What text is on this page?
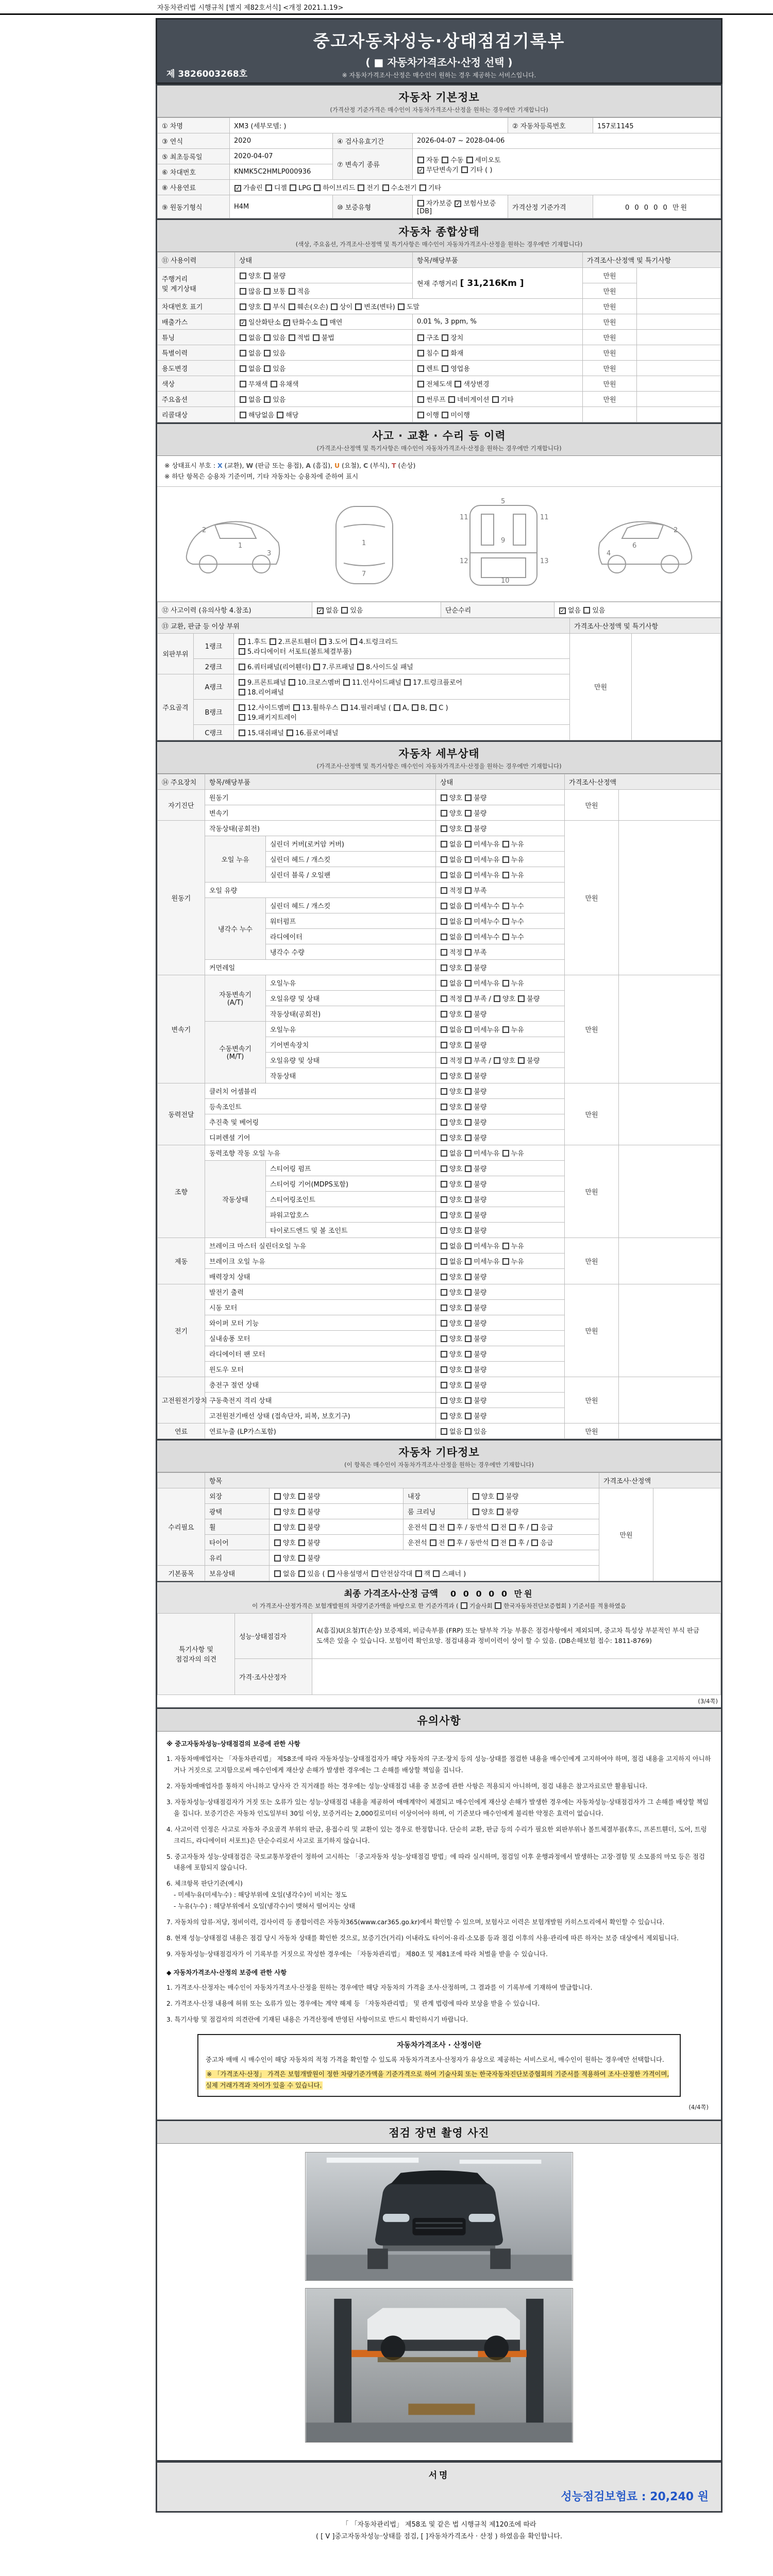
자동차관리법 시행규칙 [별지 제82호서식] <개정 2021.1.19>
중고자동차성능·상태점검기록부
( ■ 자동차가격조사·산정 선택 )
※ 자동차가격조사·산정은 매수인이 원하는 경우 제공하는 서비스입니다.
제 3826003268호
자동차 기본정보
(가격산정 기준가격은 매수인이 자동차가격조사·산정을 원하는 경우에만 기재합니다)
① 차명	XM3 (세부모델: )			② 자동차등록번호	157로1145
③ 연식	2020	④ 검사유효기간	2026-04-07 ~ 2028-04-06		
⑤ 최초등록일	2020-04-07	⑦ 변속기 종류	자동 수동 세미오토
✓무단변속기 기타 ( )
⑥ 차대번호	KNMK5C2HMLP000936				
⑧ 사용연료	✓가솔린 디젤 LPG 하이브리드 전기 수소전기 기타
⑨ 원동기형식	H4M	⑩ 보증유형	자가보증 ✓보험사보증 [DB]	가격산정 기준가격	0 0 0 0 0 만원
자동차 종합상태
(색상, 주요옵션, 가격조사·산정액 및 특기사항은 매수인이 자동차가격조사·산정을 원하는 경우에만 기재합니다)
⑪ 사용이력	상태	항목/해당부품	가격조사·산정액 및 특기사항	
주행거리
및 계기상태	양호 불량	현재 주행거리 [ 31,216Km ]	만원	
	많음 보통 적음		만원	
차대번호 표기	양호 부식 훼손(오손) 상이 변조(변타) 도말		만원	
배출가스	✓일산화탄소 ✓탄화수소 매연	0.01 %, 3 ppm, %	만원	
튜닝	없음 있음 적법 불법	구조 장치	만원	
특별이력	없음 있음	침수 화재	만원	
용도변경	없음 있음	렌트 영업용	만원	
색상	무채색 유채색	전체도색 색상변경	만원	
주요옵션	없음 있음	썬루프 네비게이션 기타	만원	
리콜대상	해당없음 해당	이행 미이행		
사고 · 교환 · 수리 등 이력
(가격조사·산정액 및 특기사항은 매수인이 자동차가격조사·산정을 원하는 경우에만 기재합니다)
※ 상태표시 부호 : X (교환), W (판금 또는 용접), A (흠집), U (요철), C (부식), T (손상)
※ 하단 항목은 승용차 기준이며, 기타 자동차는 승용차에 준하여 표시
2
1
3
1
7
11
5
9
11
12	13
10
2
6
4
⑫ 사고이력 (유의사항 4.참조)	✓없음 있음	단순수리	✓없음 있음
⑬ 교환, 판금 등 이상 부위			가격조사·산정액 및 특기사항	
외판부위	1랭크	1.후드 2.프론트휀더 3.도어 4.트렁크리드
5.라디에이터 서포트(볼트체결부품)	만원	
	2랭크	6.쿼터패널(리어휀더) 7.루프패널 8.사이드실 패널		
주요골격	A랭크	9.프론트패널 10.크로스멤버 11.인사이드패널 17.트렁크플로어
18.리어패널		
	B랭크	12.사이드멤버 13.휠하우스 14.필러패널 ( A, B, C )
19.패키지트레이		
	C랭크	15.대쉬패널 16.플로어패널		
자동차 세부상태
(가격조사·산정액 및 특기사항은 매수인이 자동차가격조사·산정을 원하는 경우에만 기재합니다)
⑭ 주요장치	항목/해당부품		상태	가격조사·산정액	
자기진단	원동기		양호 불량	만원	
	변속기		양호 불량		
원동기	작동상태(공회전)		양호 불량	만원	
	오일 누유	실린더 커버(로커암 커버)	없음 미세누유 누유		
		실린더 헤드 / 개스킷	없음 미세누유 누유		
		실린더 블록 / 오일팬	없음 미세누유 누유		
	오일 유량		적정 부족		
	냉각수 누수	실린더 헤드 / 개스킷	없음 미세누수 누수		
		워터펌프	없음 미세누수 누수		
		라디에이터	없음 미세누수 누수		
		냉각수 수량	적정 부족		
	커먼레일		양호 불량		
변속기	자동변속기
(A/T)	오일누유	없음 미세누유 누유	만원	
		오일유량 및 상태	적정 부족 / 양호 불량		
		작동상태(공회전)	양호 불량		
	수동변속기
(M/T)	오일누유	없음 미세누유 누유		
		기어변속장치	양호 불량		
		오일유량 및 상태	적정 부족 / 양호 불량		
		작동상태	양호 불량		
동력전달	클러치 어셈블리		양호 불량	만원	
	등속조인트		양호 불량		
	추진축 및 베어링		양호 불량		
	디퍼렌셜 기어		양호 불량		
조향	동력조향 작동 오일 누유		없음 미세누유 누유	만원	
	작동상태	스티어링 펌프	양호 불량		
		스티어링 기어(MDPS포함)	양호 불량		
		스티어링조인트	양호 불량		
		파워고압호스	양호 불량		
		타이로드엔드 및 볼 조인트	양호 불량		
제동	브레이크 마스터 실린더오일 누유		없음 미세누유 누유	만원	
	브레이크 오일 누유		없음 미세누유 누유		
	배력장치 상태		양호 불량		
전기	발전기 출력		양호 불량	만원	
	시동 모터		양호 불량		
	와이퍼 모터 기능		양호 불량		
	실내송풍 모터		양호 불량		
	라디에이터 팬 모터		양호 불량		
	윈도우 모터		양호 불량		
고전원전기장치	충전구 절연 상태		양호 불량	만원	
	구동축전지 격리 상태		양호 불량		
	고전원전기배선 상태 (접속단자, 피복, 보호기구)		양호 불량		
연료	연료누출 (LP가스포함)		없음 있음	만원	
자동차 기타정보
(이 항목은 매수인이 자동차가격조사·산정을 원하는 경우에만 기재합니다)
	항목				가격조사·산정액	
수리필요	외장	양호 불량	내장	양호 불량	만원	
	광택	양호 불량	룸 크리닝	양호 불량		
	휠	양호 불량	운전석 전 후 / 동반석 전 후 / 응급			
	타이어	양호 불량	운전석 전 후 / 동반석 전 후 / 응급			
	유리	양호 불량				
기본품목	보유상태	없음 있음 ( 사용설명서 안전삼각대 잭 스패너 )				
최종 가격조사·산정 금액 0 0 0 0 0 만원
이 가격조사·산정가격은 보험개발원의 차량기준가액을 바탕으로 한 기준가격과 ( 기술사회 한국자동차진단보증협회 ) 기준서를 적용하였음
특기사항 및
점검자의 의견	성능·상태점검자	A(흠집)U(요철)T(손상) 보증제외, 비금속부품 (FRP) 또는 탈부착 가능 부품은 점검사항에서 제외되며, 중고차 특성상 부분적인 부식 판금 도색은 있을 수 있습니다. 보험이력 확인요망. 점검내용과 정비이력이 상이 할 수 있음. (DB손해보험 접수: 1811-8769)
	가격·조사산정자	
(3/4쪽)
유의사항
※ 중고자동차성능·상태점검의 보증에 관한 사항
1. 자동차매매업자는 「자동차관리법」 제58조에 따라 자동차성능·상태점검자가 해당 자동차의 구조·장치 등의 성능·상태를 점검한 내용을 매수인에게 고지하여야 하며, 점검 내용을 고지하지 아니하거나 거짓으로 고지함으로써 매수인에게 재산상 손해가 발생한 경우에는 그 손해를 배상할 책임을 집니다.
2. 자동차매매업자를 통하지 아니하고 당사자 간 직거래를 하는 경우에는 성능·상태점검 내용 중 보증에 관한 사항은 적용되지 아니하며, 점검 내용은 참고자료로만 활용됩니다.
3. 자동차성능·상태점검자가 거짓 또는 오류가 있는 성능·상태점검 내용을 제공하여 매매계약이 체결되고 매수인에게 재산상 손해가 발생한 경우에는 자동차성능·상태점검자가 그 손해를 배상할 책임을 집니다. 보증기간은 자동차 인도일부터 30일 이상, 보증거리는 2,000킬로미터 이상이어야 하며, 이 기준보다 매수인에게 불리한 약정은 효력이 없습니다.
4. 사고이력 인정은 사고로 자동차 주요골격 부위의 판금, 용접수리 및 교환이 있는 경우로 한정합니다. 단순히 교환, 판금 등의 수리가 필요한 외판부위나 볼트체결부품(후드, 프론트휀더, 도어, 트렁크리드, 라디에이터 서포트)은 단순수리로서 사고로 표기하지 않습니다.
5. 중고자동차 성능·상태점검은 국토교통부장관이 정하여 고시하는 「중고자동차 성능·상태점검 방법」에 따라 실시하며, 점검일 이후 운행과정에서 발생하는 고장·결함 및 소모품의 마모 등은 점검 내용에 포함되지 않습니다.
6. 체크항목 판단기준(예시)
- 미세누유(미세누수) : 해당부위에 오일(냉각수)이 비치는 정도
- 누유(누수) : 해당부위에서 오일(냉각수)이 맺혀서 떨어지는 상태
7. 자동차의 압류·저당, 정비이력, 검사이력 등 종합이력은 자동차365(www.car365.go.kr)에서 확인할 수 있으며, 보험사고 이력은 보험개발원 카히스토리에서 확인할 수 있습니다.
8. 현재 성능·상태점검 내용은 점검 당시 자동차 상태를 확인한 것으로, 보증기간(거리) 이내라도 타이어·유리·소모품 등과 점검 이후의 사용·관리에 따른 하자는 보증 대상에서 제외됩니다.
9. 자동차성능·상태점검자가 이 기록부를 거짓으로 작성한 경우에는 「자동차관리법」 제80조 및 제81조에 따라 처벌을 받을 수 있습니다.
◆ 자동차가격조사·산정의 보증에 관한 사항
1. 가격조사·산정자는 매수인이 자동차가격조사·산정을 원하는 경우에만 해당 자동차의 가격을 조사·산정하며, 그 결과를 이 기록부에 기재하여 발급합니다.
2. 가격조사·산정 내용에 허위 또는 오류가 있는 경우에는 계약 해제 등 「자동차관리법」 및 관계 법령에 따라 보상을 받을 수 있습니다.
3. 특기사항 및 점검자의 의견란에 기재된 내용은 가격산정에 반영된 사항이므로 반드시 확인하시기 바랍니다.
자동차가격조사 · 산정이란
중고차 매매 시 매수인이 해당 자동차의 적정 가격을 확인할 수 있도록 자동차가격조사·산정자가 유상으로 제공하는 서비스로서, 매수인이 원하는 경우에만 선택합니다.
※ 「가격조사·산정」 가격은 보험개발원이 정한 차량기준가액을 기준가격으로 하여 기술사회 또는 한국자동차진단보증협회의 기준서를 적용하여 조사·산정한 가격이며, 실제 거래가격과 차이가 있을 수 있습니다.
(4/4쪽)
점검 장면 촬영 사진
서명
성능점검보험료 : 20,240 원
「 「자동차관리법」 제58조 및 같은 법 시행규칙 제120조에 따라
( [ V ]중고자동차성능·상태를 점검, [ ]자동차가격조사 · 산정 ) 하였음을 확인합니다.
